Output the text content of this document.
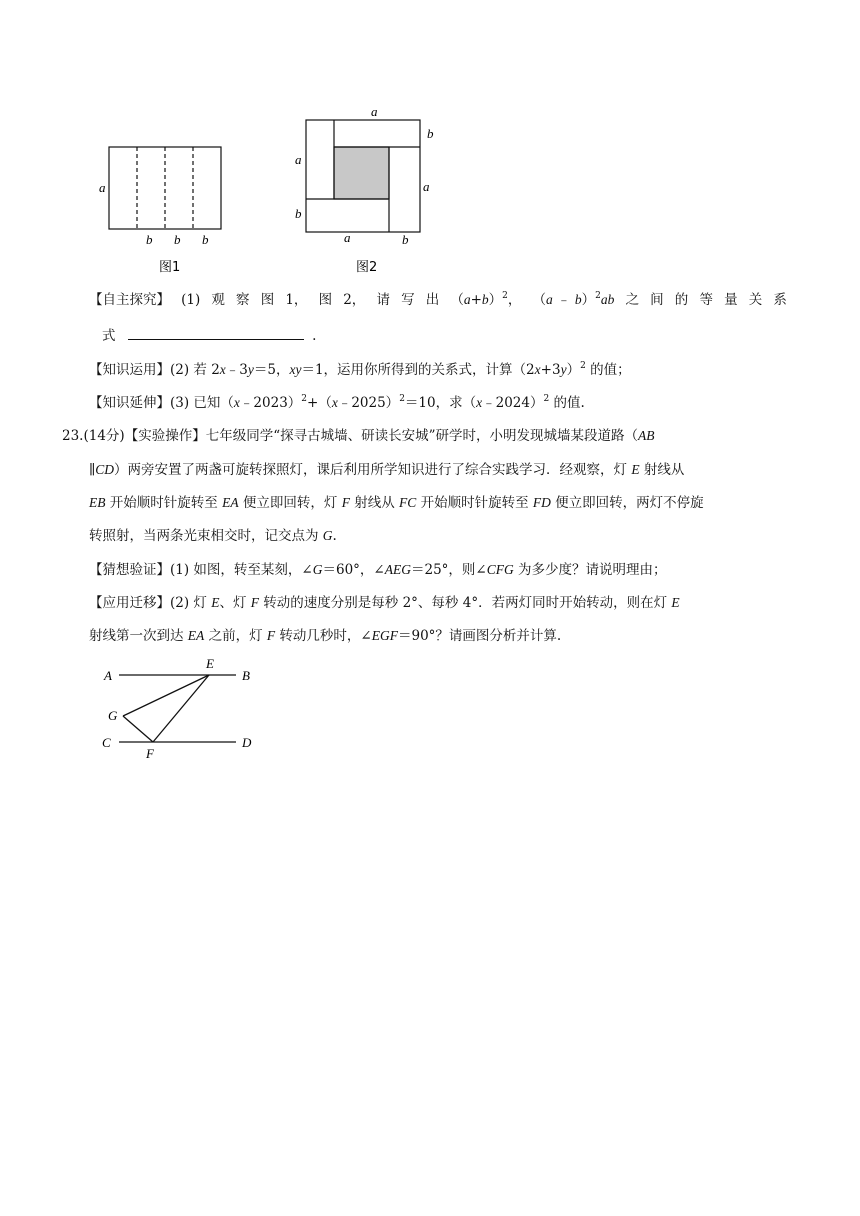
a
b b b
图1
a
b
a
a
b
a	b
图2
A
E
B
G
C
F
D
【自主探究】 (1) 观 察 图 1， 图 2， 请 写 出 $(a+b)^2$， （a ﹣ b）$^2$ab 之 间 的 等 量 关 系
式	.
【知识运用】(2) 若 2x﹣3y＝5，xy＝1，运用你所得到的关系式，计算$(2x+3y)^2$ 的值；
【知识延伸】(3) 已知（x﹣2023）$^2$+（x﹣2025）$^2$＝10，求（x﹣2024）$^2$ 的值.
23.(14分)【实验操作】七年级同学“探寻古城墙、研读长安城”研学时，小明发现城墙某段道路（AB
∥CD）两旁安置了两盏可旋转探照灯，课后利用所学知识进行了综合实践学习．经观察，灯 E 射线从
EB 开始顺时针旋转至 EA 便立即回转，灯 F 射线从 FC 开始顺时针旋转至 FD 便立即回转，两灯不停旋
转照射，当两条光束相交时，记交点为 G.
【猜想验证】(1) 如图，转至某刻，∠G＝60°，∠AEG＝25°，则∠CFG 为多少度？请说明理由；
【应用迁移】(2) 灯 E、灯 F 转动的速度分别是每秒 2°、每秒 4°．若两灯同时开始转动，则在灯 E
射线第一次到达 EA 之前，灯 F 转动几秒时，∠EGF＝90°？请画图分析并计算.
